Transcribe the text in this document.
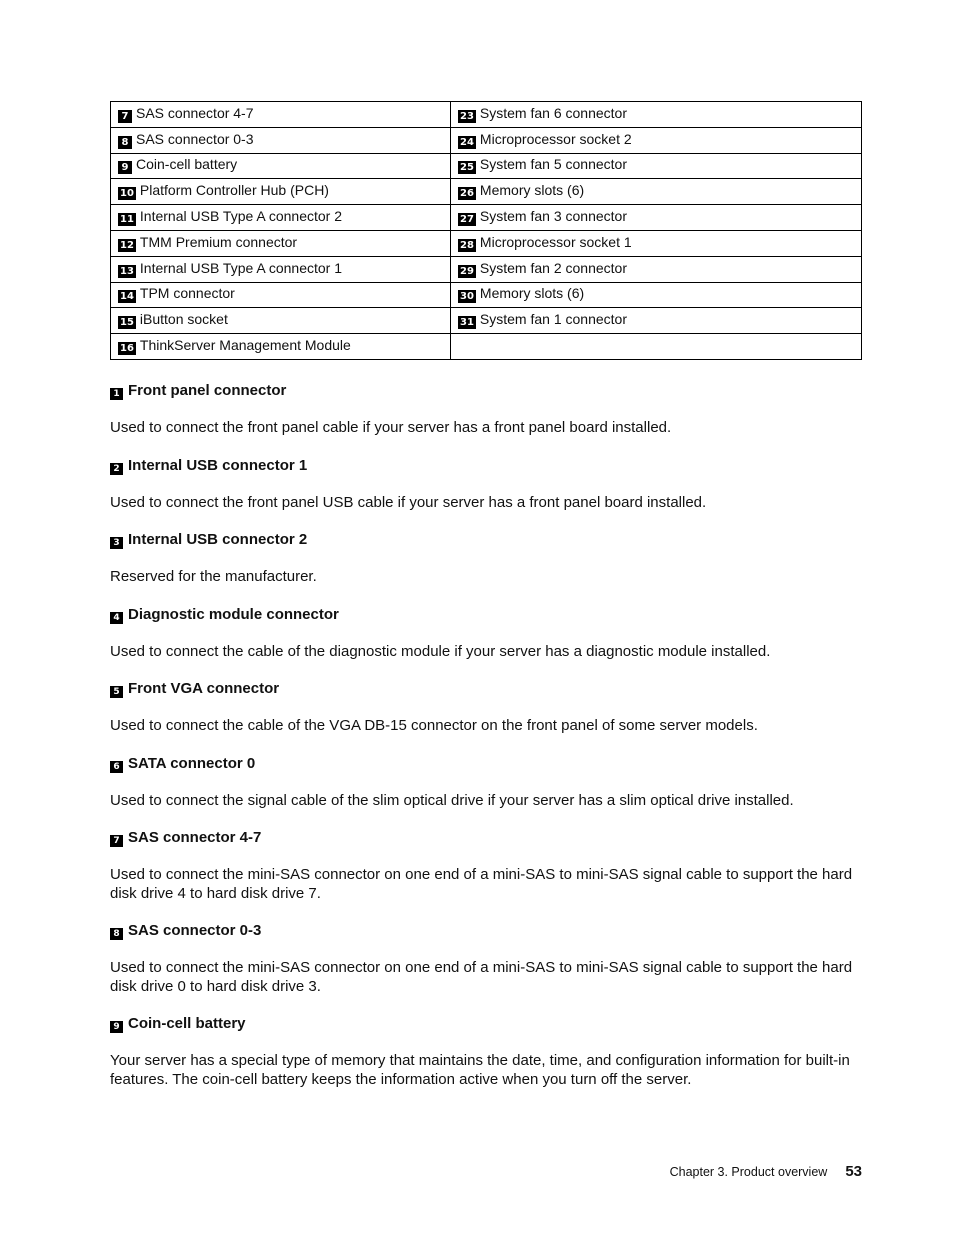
7 SAS connector 4-7	23 System fan 6 connector
8 SAS connector 0-3	24 Microprocessor socket 2
9 Coin-cell battery	25 System fan 5 connector
10 Platform Controller Hub (PCH)	26 Memory slots (6)
11 Internal USB Type A connector 2	27 System fan 3 connector
12 TMM Premium connector	28 Microprocessor socket 1
13 Internal USB Type A connector 1	29 System fan 2 connector
14 TPM connector	30 Memory slots (6)
15 iButton socket	31 System fan 1 connector
16 ThinkServer Management Module	
1 Front panel connector
Used to connect the front panel cable if your server has a front panel board installed.
2 Internal USB connector 1
Used to connect the front panel USB cable if your server has a front panel board installed.
3 Internal USB connector 2
Reserved for the manufacturer.
4 Diagnostic module connector
Used to connect the cable of the diagnostic module if your server has a diagnostic module installed.
5 Front VGA connector
Used to connect the cable of the VGA DB-15 connector on the front panel of some server models.
6 SATA connector 0
Used to connect the signal cable of the slim optical drive if your server has a slim optical drive installed.
7 SAS connector 4-7
Used to connect the mini-SAS connector on one end of a mini-SAS to mini-SAS signal cable to support the hard disk drive 4 to hard disk drive 7.
8 SAS connector 0-3
Used to connect the mini-SAS connector on one end of a mini-SAS to mini-SAS signal cable to support the hard disk drive 0 to hard disk drive 3.
9 Coin-cell battery
Your server has a special type of memory that maintains the date, time, and configuration information for built-in features. The coin-cell battery keeps the information active when you turn off the server.
Chapter 3. Product overview 53
